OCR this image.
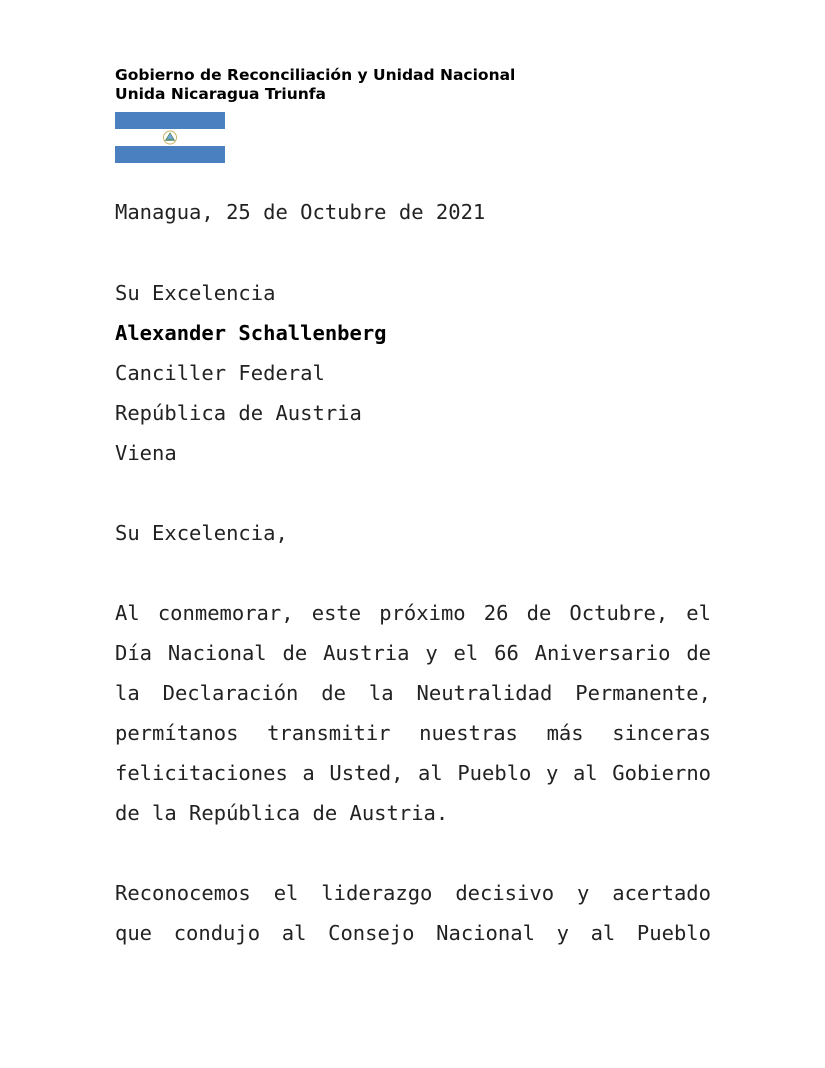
Gobierno de Reconciliación y Unidad Nacional
Unida Nicaragua Triunfa
Managua, 25 de Octubre de 2021
Su Excelencia
Alexander Schallenberg
Canciller Federal
República de Austria
Viena
Su Excelencia,
Al conmemorar, este próximo 26 de Octubre, el
Día Nacional de Austria y el 66 Aniversario de
la Declaración de la Neutralidad Permanente,
permítanos transmitir nuestras más sinceras
felicitaciones a Usted, al Pueblo y al Gobierno
de la República de Austria.
Reconocemos el liderazgo decisivo y acertado
que condujo al Consejo Nacional y al Pueblo
